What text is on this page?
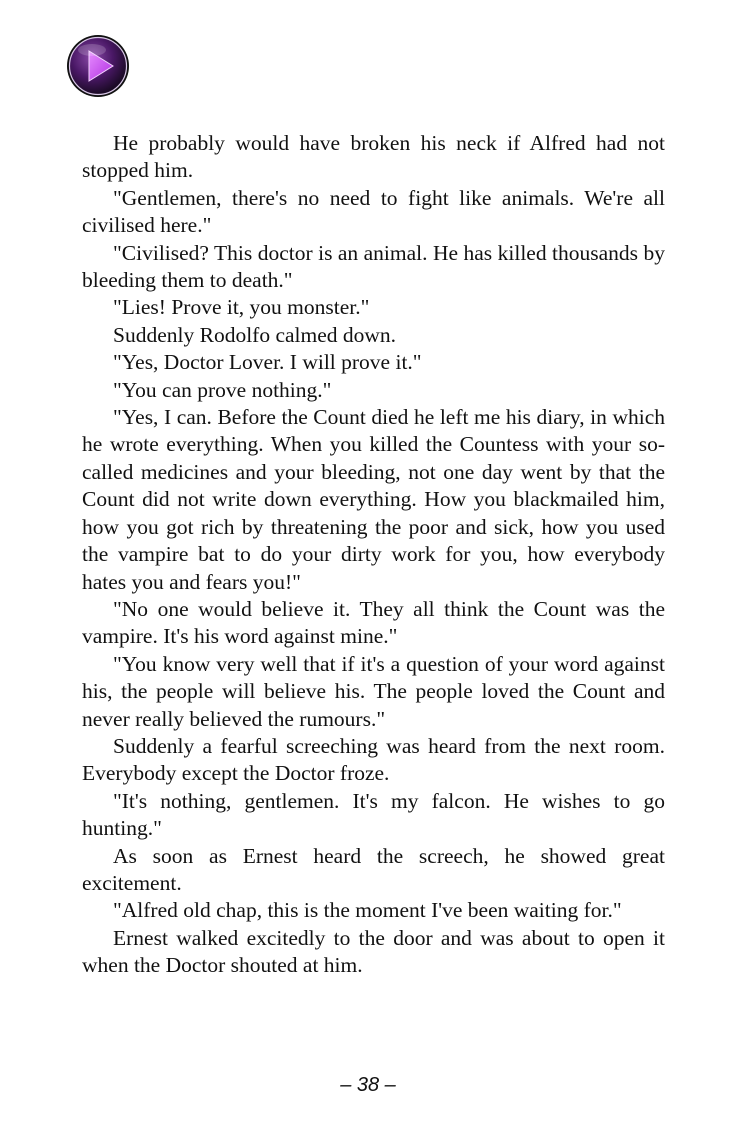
He probably would have broken his neck if Alfred had not stopped him.

"Gentlemen, there's no need to fight like animals. We're all civilised here."

"Civilised? This doctor is an animal. He has killed thousands by bleeding them to death."

"Lies! Prove it, you monster."

Suddenly Rodolfo calmed down.

"Yes, Doctor Lover. I will prove it."

"You can prove nothing."

"Yes, I can. Before the Count died he left me his diary, in which he wrote everything. When you killed the Countess with your so-called medicines and your bleeding, not one day went by that the Count did not write down everything. How you blackmailed him, how you got rich by threatening the poor and sick, how you used the vampire bat to do your dirty work for you, how everybody hates you and fears you!"

"No one would believe it. They all think the Count was the vampire. It's his word against mine."

"You know very well that if it's a question of your word against his, the people will believe his. The people loved the Count and never really believed the rumours."

Suddenly a fearful screeching was heard from the next room. Everybody except the Doctor froze.

"It's nothing, gentlemen. It's my falcon. He wishes to go hunting."

As soon as Ernest heard the screech, he showed great excitement.

"Alfred old chap, this is the moment I've been waiting for."

Ernest walked excitedly to the door and was about to open it when the Doctor shouted at him.

– 38 –
